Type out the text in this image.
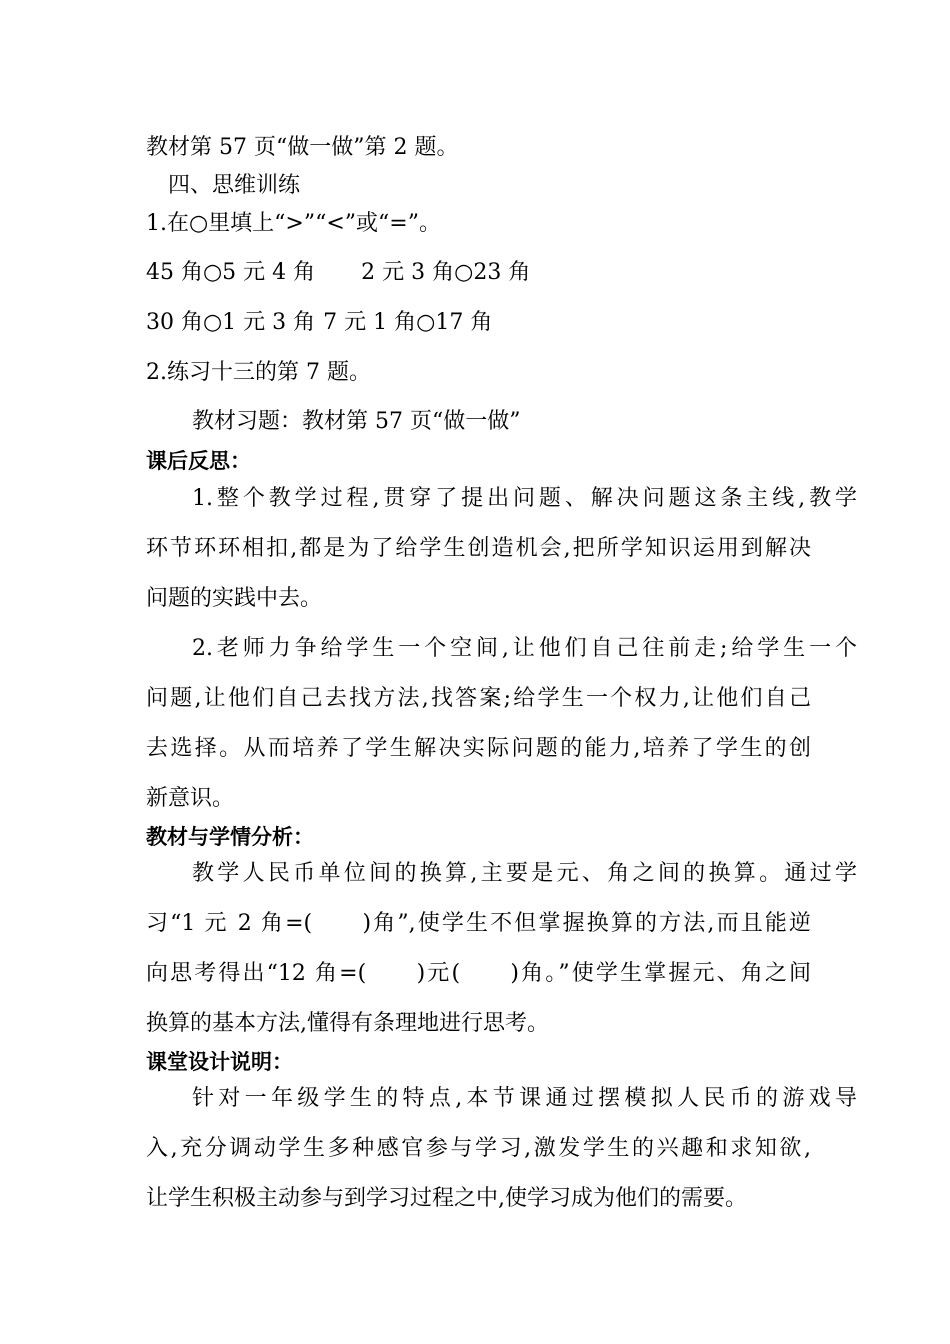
教材第 57 页“做一做”第 2 题。
四、思维训练
1.在○里填上“>”“<”或“=”。
45 角○5 元 4 角 2 元 3 角○23 角
30 角○1 元 3 角 7 元 1 角○17 角
2.练习十三的第 7 题。
教材习题：教材第 57 页“做一做”
课后反思：
1.整个教学过程,贯穿了提出问题、解决问题这条主线,教学
环节环环相扣,都是为了给学生创造机会,把所学知识运用到解决
问题的实践中去。
2.老师力争给学生一个空间,让他们自己往前走;给学生一个
问题,让他们自己去找方法,找答案;给学生一个权力,让他们自己
去选择。从而培养了学生解决实际问题的能力,培养了学生的创
新意识。
教材与学情分析：
教学人民币单位间的换算,主要是元、角之间的换算。通过学
习“1 元 2 角=(　　)角”,使学生不但掌握换算的方法,而且能逆
向思考得出“12 角=(　　)元(　　)角。”使学生掌握元、角之间
换算的基本方法,懂得有条理地进行思考。
课堂设计说明：
针对一年级学生的特点,本节课通过摆模拟人民币的游戏导
入,充分调动学生多种感官参与学习,激发学生的兴趣和求知欲,
让学生积极主动参与到学习过程之中,使学习成为他们的需要。
